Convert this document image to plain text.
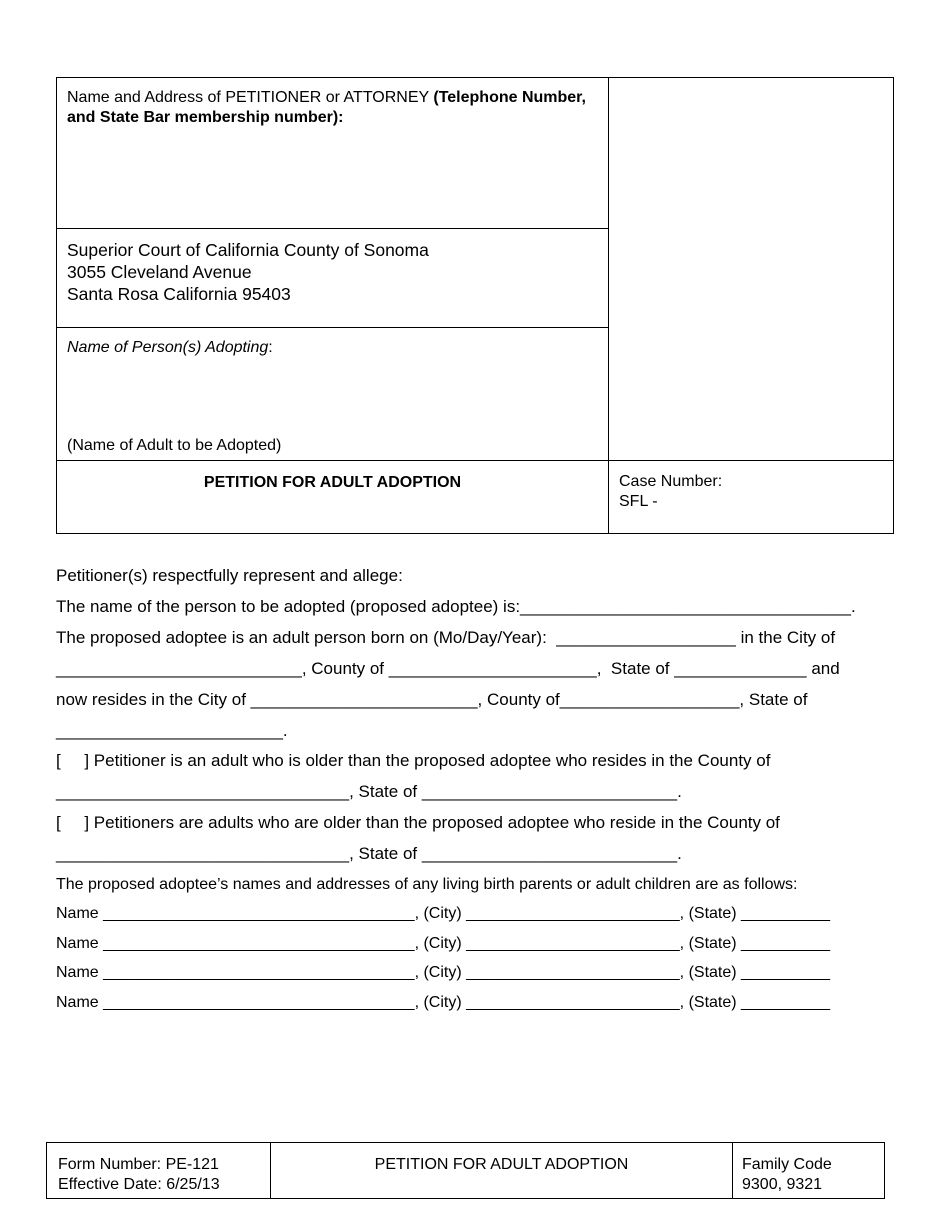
Name and Address of PETITIONER or ATTORNEY (Telephone Number, and State Bar membership number):
Superior Court of California County of Sonoma
3055 Cleveland Avenue
Santa Rosa California 95403
Name of Person(s) Adopting:
(Name of Adult to be Adopted)
PETITION FOR ADULT ADOPTION	Case Number:
SFL -
Petitioner(s) respectfully represent and allege:
The name of the person to be adopted (proposed adoptee) is:___________________________________.
The proposed adoptee is an adult person born on (Mo/Day/Year):  ___________________ in the City of
__________________________, County of ______________________,  State of ______________ and
now resides in the City of ________________________, County of___________________, State of
________________________.
[     ] Petitioner is an adult who is older than the proposed adoptee who resides in the County of
_______________________________, State of ___________________________.
[     ] Petitioners are adults who are older than the proposed adoptee who reside in the County of
_______________________________, State of ___________________________.
The proposed adoptee’s names and addresses of any living birth parents or adult children are as follows:
Name ___________________________________, (City) ________________________, (State) __________
Name ___________________________________, (City) ________________________, (State) __________
Name ___________________________________, (City) ________________________, (State) __________
Name ___________________________________, (City) ________________________, (State) __________
Form Number: PE-121
Effective Date: 6/25/13
PETITION FOR ADULT ADOPTION	Family Code
9300, 9321
